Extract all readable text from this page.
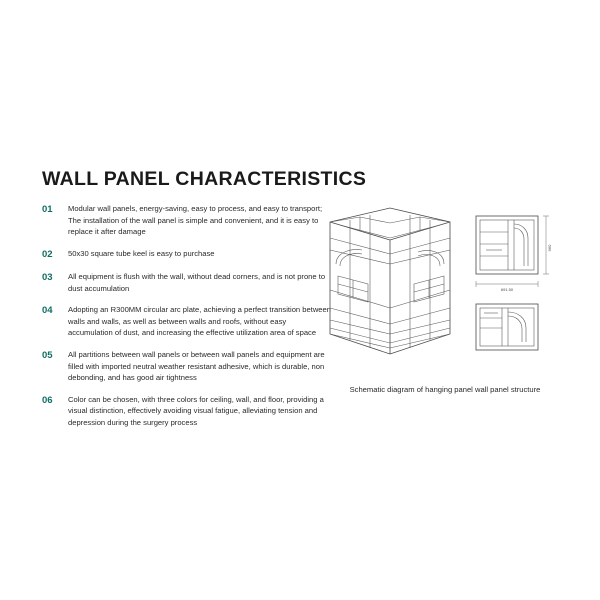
WALL PANEL CHARACTERISTICS
01	Modular wall panels, energy-saving, easy to process, and easy to transport; The installation of the wall panel is simple and convenient, and it is easy to replace it after damage
02	50x30 square tube keel is easy to purchase
03	All equipment is flush with the wall, without dead corners, and is not prone to dust accumulation
04	Adopting an R300MM circular arc plate, achieving a perfect transition between walls and walls, as well as between walls and roofs, without easy accumulation of dust, and increasing the effective utilization area of space
05	All partitions between wall panels or between wall panels and equipment are filled with imported neutral weather resistant adhesive, which is durable, non debonding, and has good air tightness
06	Color can be chosen, with three colors for ceiling, wall, and floor, providing a visual distinction, effectively avoiding visual fatigue, alleviating tension and depression during the surgery process
960
691.50
Schematic diagram of hanging panel wall panel structure
